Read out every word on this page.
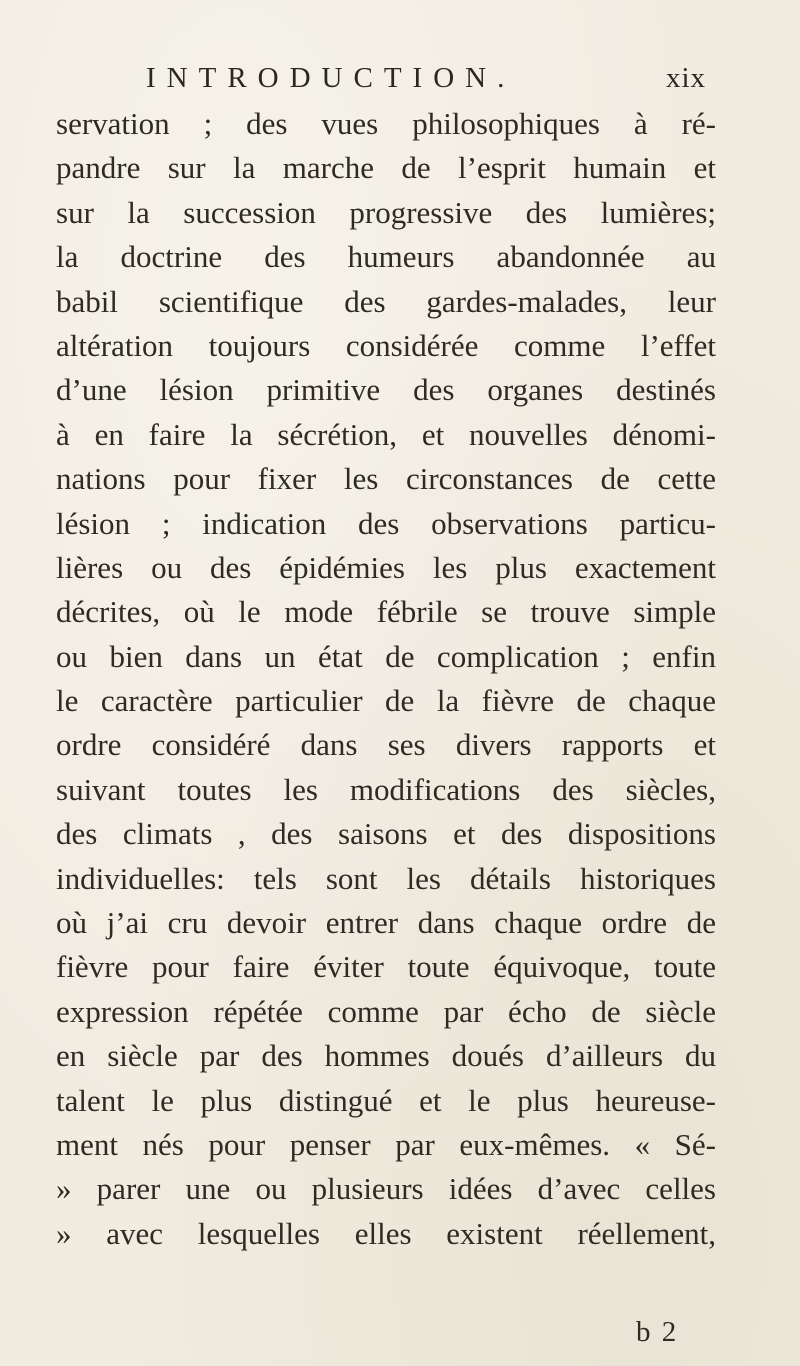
INTRODUCTION.	xix
servation ; des vues philosophiques à ré-
pandre sur la marche de l’esprit humain et
sur la succession progressive des lumières;
la doctrine des humeurs abandonnée au
babil scientifique des gardes-malades, leur
altération toujours considérée comme l’effet
d’une lésion primitive des organes destinés
à en faire la sécrétion, et nouvelles dénomi-
nations pour fixer les circonstances de cette
lésion ; indication des observations particu-
lières ou des épidémies les plus exactement
décrites, où le mode fébrile se trouve simple
ou bien dans un état de complication ; enfin
le caractère particulier de la fièvre de chaque
ordre considéré dans ses divers rapports et
suivant toutes les modifications des siècles,
des climats , des saisons et des dispositions
individuelles: tels sont les détails historiques
où j’ai cru devoir entrer dans chaque ordre de
fièvre pour faire éviter toute équivoque, toute
expression répétée comme par écho de siècle
en siècle par des hommes doués d’ailleurs du
talent le plus distingué et le plus heureuse-
ment nés pour penser par eux-mêmes. « Sé-
» parer une ou plusieurs idées d’avec celles
» avec lesquelles elles existent réellement,
b 2
